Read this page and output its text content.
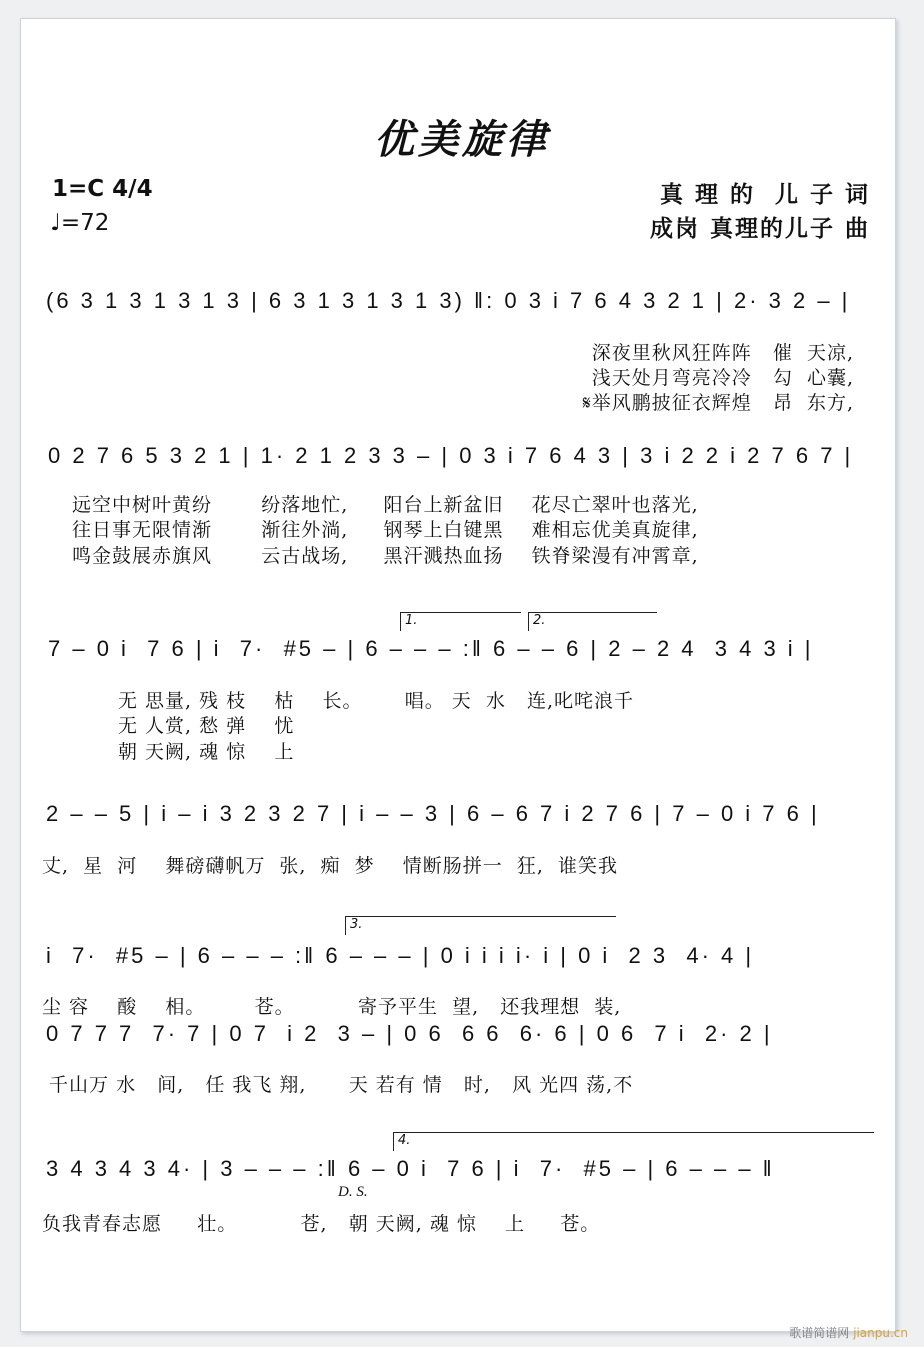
优美旋律
1=C 4/4
♩=72
真 理 的  儿 子 词
成岗 真理的儿子 曲
(6 3 1 3 1 3 1 3 | 6 3 1 3 1 3 1 3) ‖: 0 3 i 7 6 4 3 2 1 | 2· 3 2 – |
深夜里秋风狂阵阵   催  天凉,
浅天处月弯亮冷冷   勾  心囊,
𝄋举风鹏披征衣辉煌   昂  东方,
0 2 7 6 5 3 2 1 | 1· 2 1 2 3 3 – | 0 3 i 7 6 4 3 | 3 i 2 2 i 2 7 6 7 |
远空中树叶黄纷       纷落地忙,     阳台上新盆旧    花尽亡翠叶也落光,
往日事无限情渐       渐往外淌,     钢琴上白键黑    难相忘优美真旋律,
鸣金鼓展赤旗风       云古战场,     黑汗溅热血扬    铁脊梁漫有冲霄章,
1.	2.
7 – 0 i  7 6 | i  7·  #5 – | 6 – – – :‖ 6 – – 6 | 2 – 2 4  3 4 3 i |
无 思量, 残 枝    枯    长。      唱。 天  水   连,叱咤浪千
无 人赏, 愁 弹    忧
朝 天阙, 魂 惊    上
2 – – 5 | i – i 3 2 3 2 7 | i – – 3 | 6 – 6 7 i 2 7 6 | 7 – 0 i 7 6 |
丈,  星  河    舞磅礴帆万  张,  痴  梦    情断肠拼一  狂,  谁笑我
3.
i  7·  #5 – | 6 – – – :‖ 6 – – – | 0 i i i i· i | 0 i  2 3  4· 4 |
尘 容    酸    相。       苍。         寄予平生  望,   还我理想  装,
0 7 7 7  7· 7 | 0 7  i 2  3 – | 0 6  6 6  6· 6 | 0 6  7 i  2· 2 |
千山万 水   间,   任 我飞 翔,      天 若有 情   时,   风 光四 荡,不
4.
3 4 3 4 3 4· | 3 – – – :‖ 6 – 0 i  7 6 | i  7·  #5 – | 6 – – – ‖
D. S.
负我青春志愿     壮。         苍,   朝 天阙, 魂 惊    上     苍。
歌谱简谱网 jianpu.cn
